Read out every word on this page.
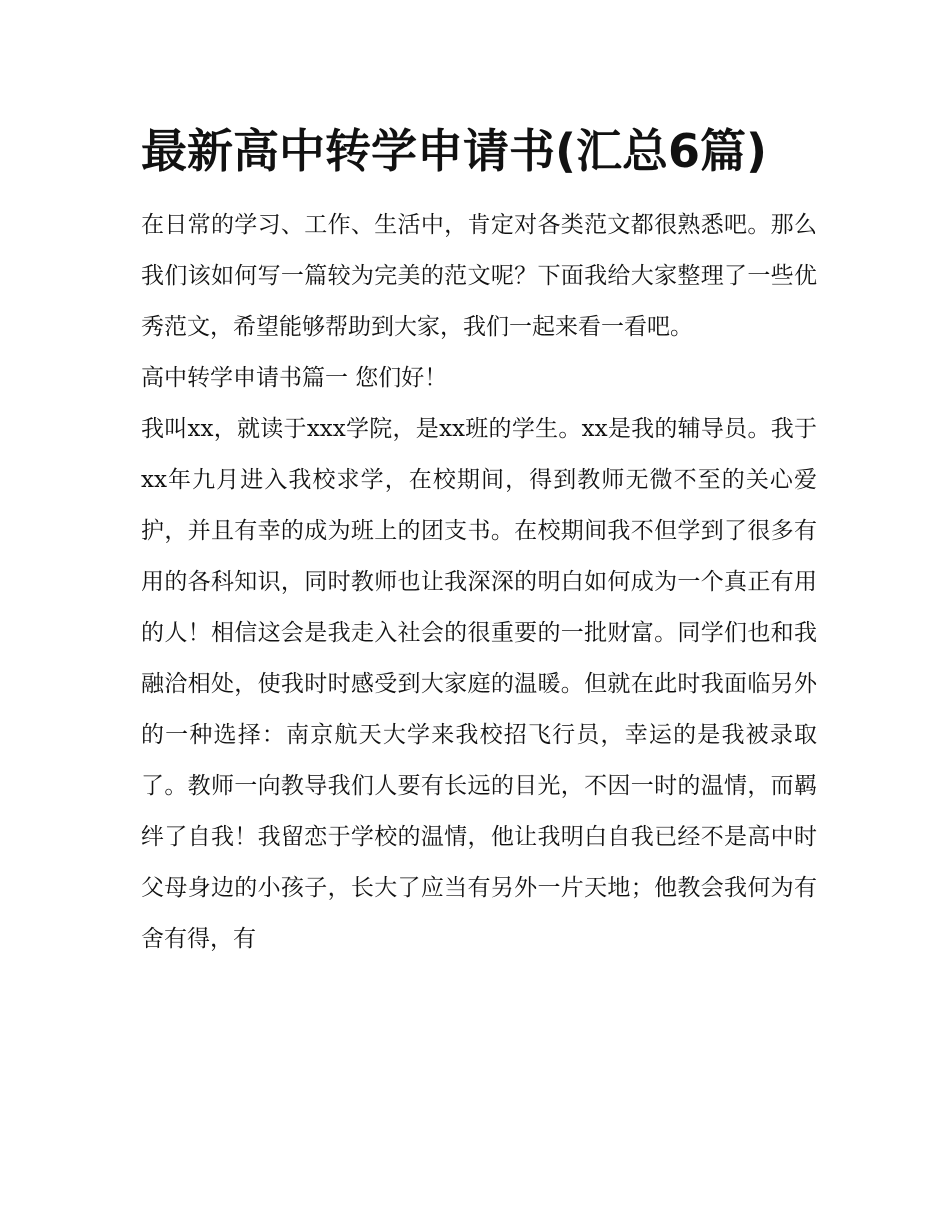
最新高中转学申请书(汇总6篇)

在日常的学习、工作、生活中，肯定对各类范文都很熟悉吧。那么我们该如何写一篇较为完美的范文呢？下面我给大家整理了一些优秀范文，希望能够帮助到大家，我们一起来看一看吧。

高中转学申请书篇一 您们好！

我叫xx，就读于xxx学院，是xx班的学生。xx是我的辅导员。我于xx年九月进入我校求学，在校期间，得到教师无微不至的关心爱护，并且有幸的成为班上的团支书。在校期间我不但学到了很多有用的各科知识，同时教师也让我深深的明白如何成为一个真正有用的人！相信这会是我走入社会的很重要的一批财富。同学们也和我融洽相处，使我时时感受到大家庭的温暖。但就在此时我面临另外的一种选择：南京航天大学来我校招飞行员，幸运的是我被录取了。教师一向教导我们人要有长远的目光，不因一时的温情，而羁绊了自我！我留恋于学校的温情，他让我明白自我已经不是高中时父母身边的小孩子，长大了应当有另外一片天地；他教会我何为有舍有得，有
